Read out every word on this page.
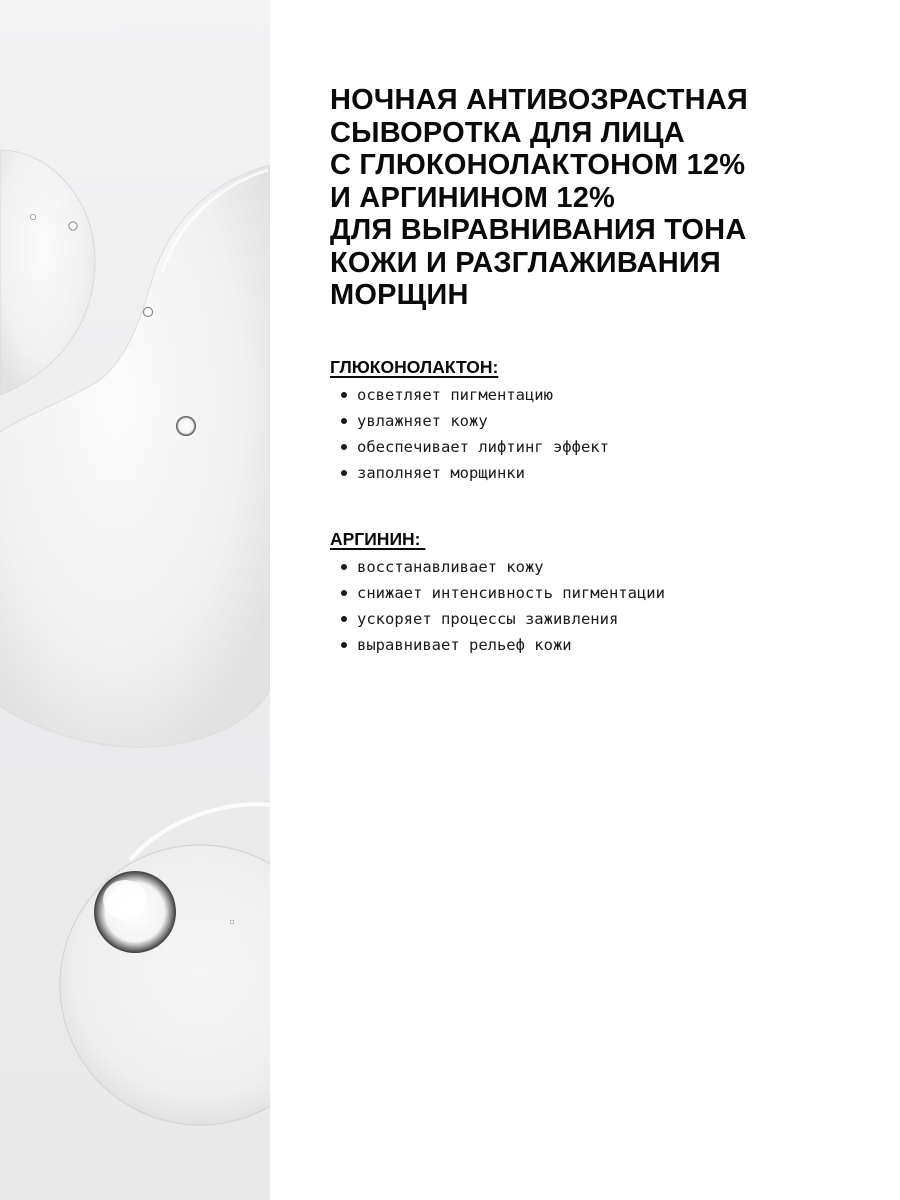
НОЧНАЯ АНТИВОЗРАСТНАЯ
СЫВОРОТКА ДЛЯ ЛИЦА
С ГЛЮКОНОЛАКТОНОМ 12%
И АРГИНИНОМ 12%
ДЛЯ ВЫРАВНИВАНИЯ ТОНА
КОЖИ И РАЗГЛАЖИВАНИЯ
МОРЩИН
ГЛЮКОНОЛАКТОН:
осветляет пигментацию
увлажняет кожу
обеспечивает лифтинг эффект
заполняет морщинки
АРГИНИН:
восстанавливает кожу
снижает интенсивность пигментации
ускоряет процессы заживления
выравнивает рельеф кожи
